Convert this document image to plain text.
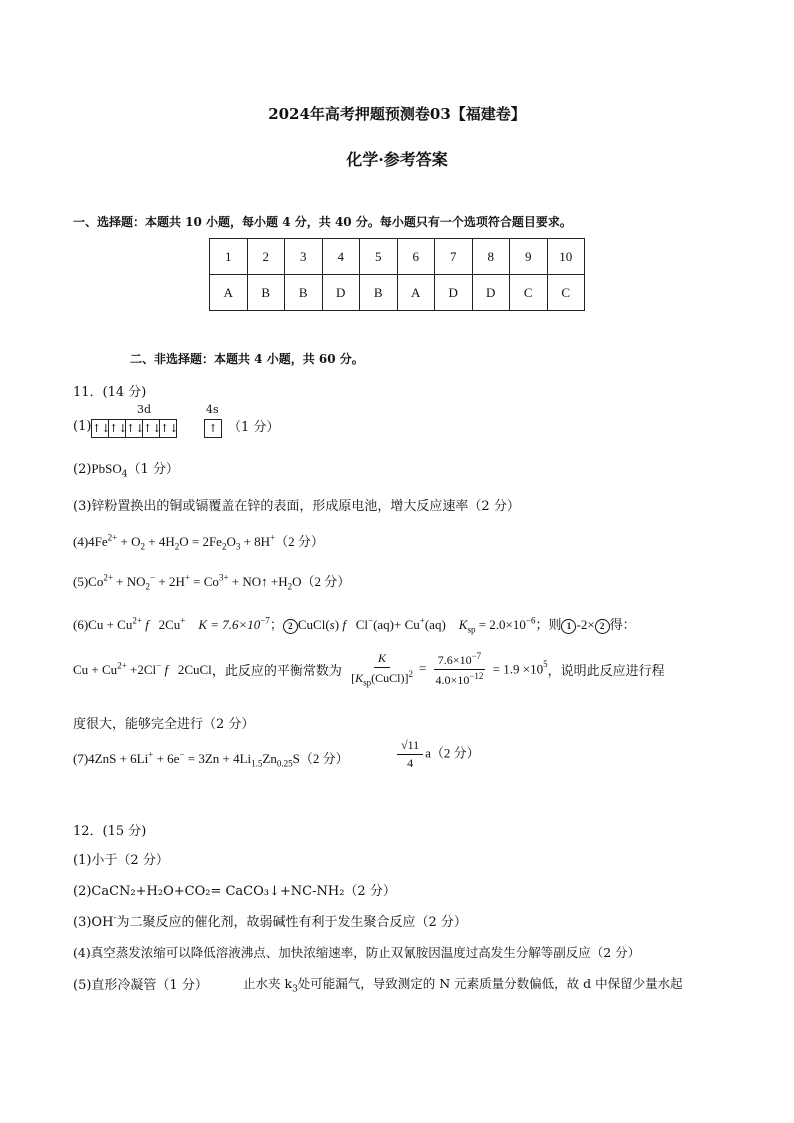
2024年高考押题预测卷03【福建卷】
化学·参考答案
一、选择题：本题共 10 小题，每小题 4 分，共 40 分。每小题只有一个选项符合题目要求。
1	2	3	4	5	6	7	8	9	10
A	B	B	D	B	A	D	D	C	C
二、非选择题：本题共 4 小题，共 60 分。
11．(14 分)
3d	4s
(1) ↑↓
↑↓
↑↓
↑↓
↑↓	↑ （1 分）
(2)PbSO$_4$（1 分）
(3)锌粉置换出的铜或镉覆盖在锌的表面，形成原电池，增大反应速率（2 分）
$(4)4Fe^{2+} + O_2 + 4H_2O = 2Fe_2O_3 + 8H^+(2$ 分）
$(5)Co^{2+} + NO_2^- + 2H^+ = Co^{3+}$ + NO↑ $+H_2O(2$ 分）
$(6)Cu + Cu^{2+}$ f   2Cu+ $K = 7.6\times 10^{-7}$； 2 CuCl(s) f   Cl−(aq)+ Cu+(aq)    $K_{sp} = 2.0\times 10^{-6}$；则 1 -2× 2 得：
$Cu + Cu^{2+} +2Cl^-$ f   2CuCl，此反应的平衡常数为 $\frac{K}{[K_{sp}(CuCl)]^2} = \frac{7.6\times 10^{-7}}{4.0\times 10^{-12}} = 1.9 \times 10^5$，说明此反应进行程
度很大，能够完全进行（2 分）
$(7)4ZnS + 6Li^+ + 6e^- = 3Zn + 4Li_{1.5}Zn_{0.25}S(2$ 分）	$\frac{√11}{4} a(2$ 分）
12．(15 分)
(1)小于（2 分）
(2)CaCN₂+H₂O+CO₂= CaCO₃↓+NC-NH₂（2 分）
(3)OH-为二聚反应的催化剂，故弱碱性有利于发生聚合反应（2 分）
(4)真空蒸发浓缩可以降低溶液沸点、加快浓缩速率，防止双氰胺因温度过高发生分解等副反应（2 分）
(5)直形冷凝管（1 分）	止水夹 $k_3$处可能漏气，导致测定的 N 元素质量分数偏低，故 d 中保留少量水起
